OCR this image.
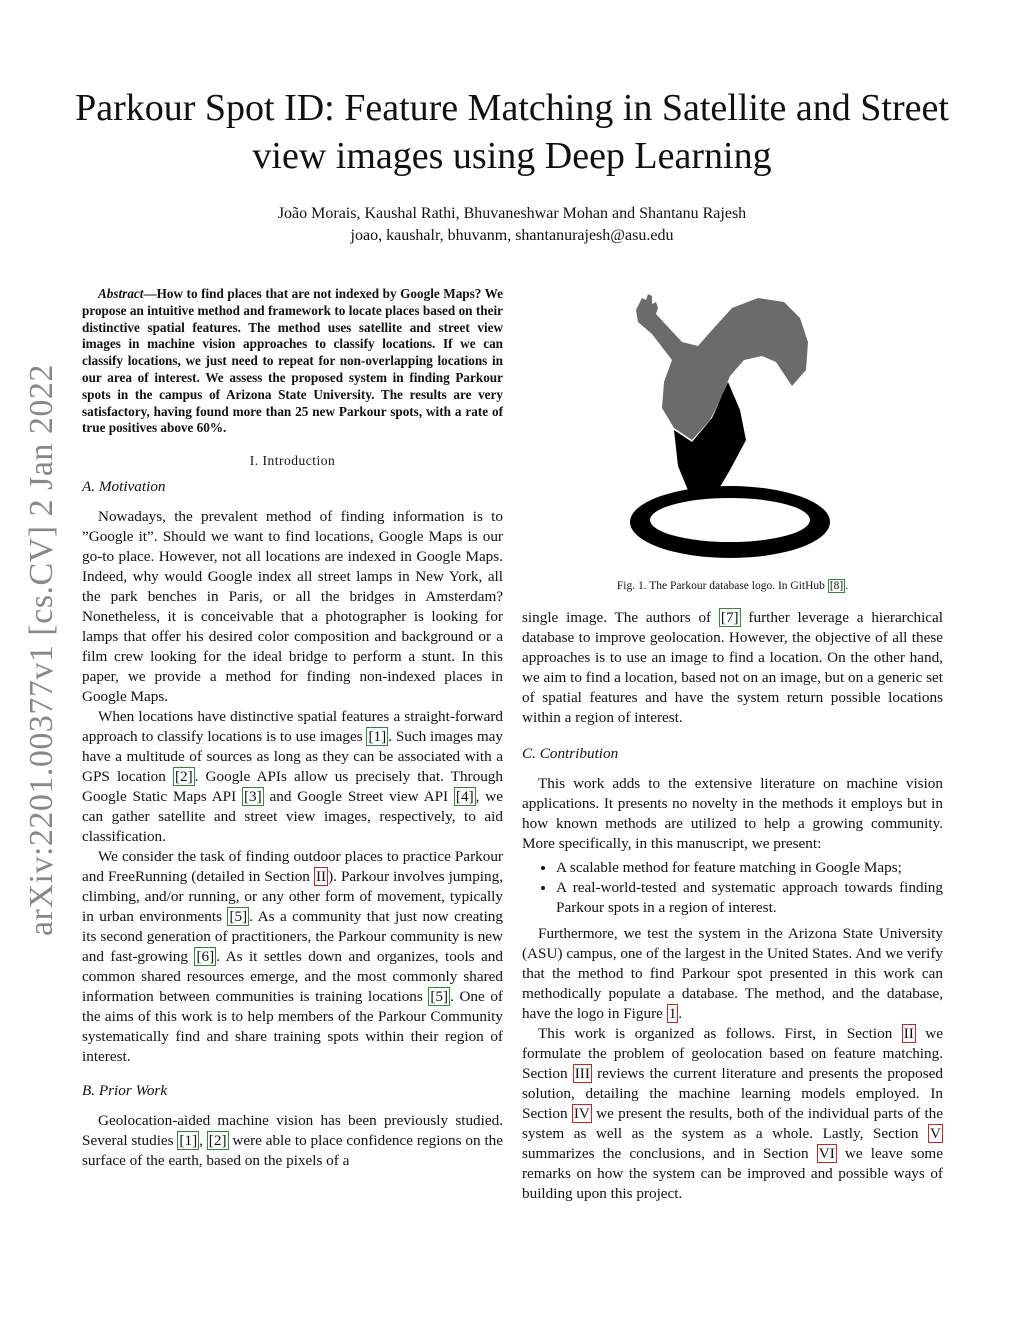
arXiv:2201.00377v1 [cs.CV] 2 Jan 2022
Parkour Spot ID: Feature Matching in Satellite and Street view images using Deep Learning
João Morais, Kaushal Rathi, Bhuvaneshwar Mohan and Shantanu Rajesh
joao, kaushalr, bhuvanm, shantanurajesh@asu.edu

Abstract—How to find places that are not indexed by Google Maps? We propose an intuitive method and framework to locate places based on their distinctive spatial features. The method uses satellite and street view images in machine vision approaches to classify locations. If we can classify locations, we just need to repeat for non-overlapping locations in our area of interest. We assess the proposed system in finding Parkour spots in the campus of Arizona State University. The results are very satisfactory, having found more than 25 new Parkour spots, with a rate of true positives above 60%.

I. Introduction
A. Motivation

Nowadays, the prevalent method of finding information is to ”Google it”. Should we want to find locations, Google Maps is our go-to place. However, not all locations are indexed in Google Maps. Indeed, why would Google index all street lamps in New York, all the park benches in Paris, or all the bridges in Amsterdam? Nonetheless, it is conceivable that a photographer is looking for lamps that offer his desired color composition and background or a film crew looking for the ideal bridge to perform a stunt. In this paper, we provide a method for finding non-indexed places in Google Maps.

When locations have distinctive spatial features a straight-forward approach to classify locations is to use images [1] . Such images may have a multitude of sources as long as they can be associated with a GPS location [2] . Google APIs allow us precisely that. Through Google Static Maps API [3] and Google Street view API [4] , we can gather satellite and street view images, respectively, to aid classification.

We consider the task of finding outdoor places to practice Parkour and FreeRunning (detailed in Section II ). Parkour involves jumping, climbing, and/or running, or any other form of movement, typically in urban environments [5] . As a community that just now creating its second generation of practitioners, the Parkour community is new and fast-growing [6] . As it settles down and organizes, tools and common shared resources emerge, and the most commonly shared information between communities is training locations [5] . One of the aims of this work is to help members of the Parkour Community systematically find and share training spots within their region of interest.

B. Prior Work

Geolocation-aided machine vision has been previously studied. Several studies [1] , [2] were able to place confidence regions on the surface of the earth, based on the pixels of a

Fig. 1. The Parkour database logo. In GitHub [8] .

single image. The authors of [7] further leverage a hierarchical database to improve geolocation. However, the objective of all these approaches is to use an image to find a location. On the other hand, we aim to find a location, based not on an image, but on a generic set of spatial features and have the system return possible locations within a region of interest.

C. Contribution

This work adds to the extensive literature on machine vision applications. It presents no novelty in the methods it employs but in how known methods are utilized to help a growing community. More specifically, in this manuscript, we present:

• A scalable method for feature matching in Google Maps;
• A real-world-tested and systematic approach towards finding Parkour spots in a region of interest.

Furthermore, we test the system in the Arizona State University (ASU) campus, one of the largest in the United States. And we verify that the method to find Parkour spot presented in this work can methodically populate a database. The method, and the database, have the logo in Figure 1 .

This work is organized as follows. First, in Section II we formulate the problem of geolocation based on feature matching. Section III reviews the current literature and presents the proposed solution, detailing the machine learning models employed. In Section IV we present the results, both of the individual parts of the system as well as the system as a whole. Lastly, Section V summarizes the conclusions, and in Section VI we leave some remarks on how the system can be improved and possible ways of building upon this project.
